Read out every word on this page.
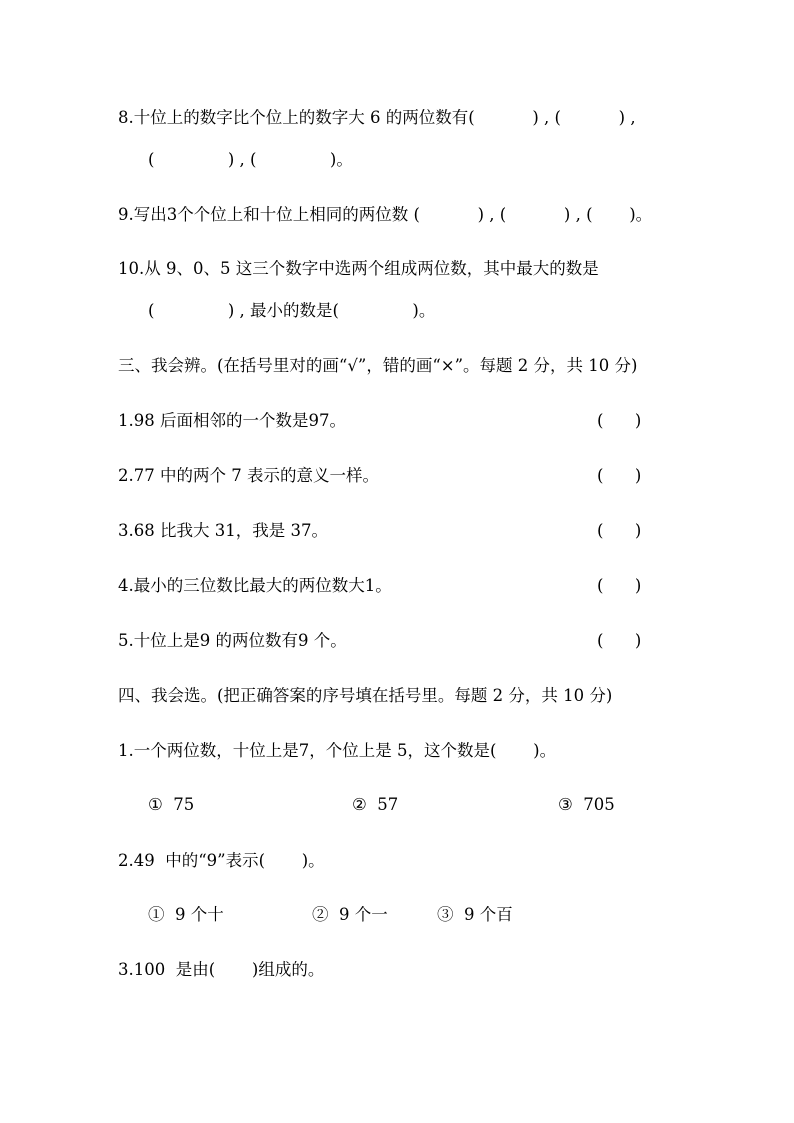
8.十位上的数字比个位上的数字大 6 的两位数有(           ) , (           ) ,
(              ) , (              )。
9.写出3个个位上和十位上相同的两位数 (           ) , (           ) , (       )。
10.从 9、0、5 这三个数字中选两个组成两位数，其中最大的数是
(              ) , 最小的数是(              )。
三、我会辨。(在括号里对的画“√”，错的画“×”。每题 2 分，共 10 分)
1.98 后面相邻的一个数是97。	(      )
2.77 中的两个 7 表示的意义一样。	(      )
3.68 比我大 31，我是 37。	(      )
4.最小的三位数比最大的两位数大1。	(      )
5.十位上是9 的两位数有9 个。	(      )
四、我会选。(把正确答案的序号填在括号里。每题 2 分，共 10 分)
1.一个两位数，十位上是7，个位上是 5，这个数是(       )。
①  75	②  57	③  705
2.49  中的“9”表示(       )。
①  9 个十	②  9 个一	③  9 个百
3.100  是由(       )组成的。
